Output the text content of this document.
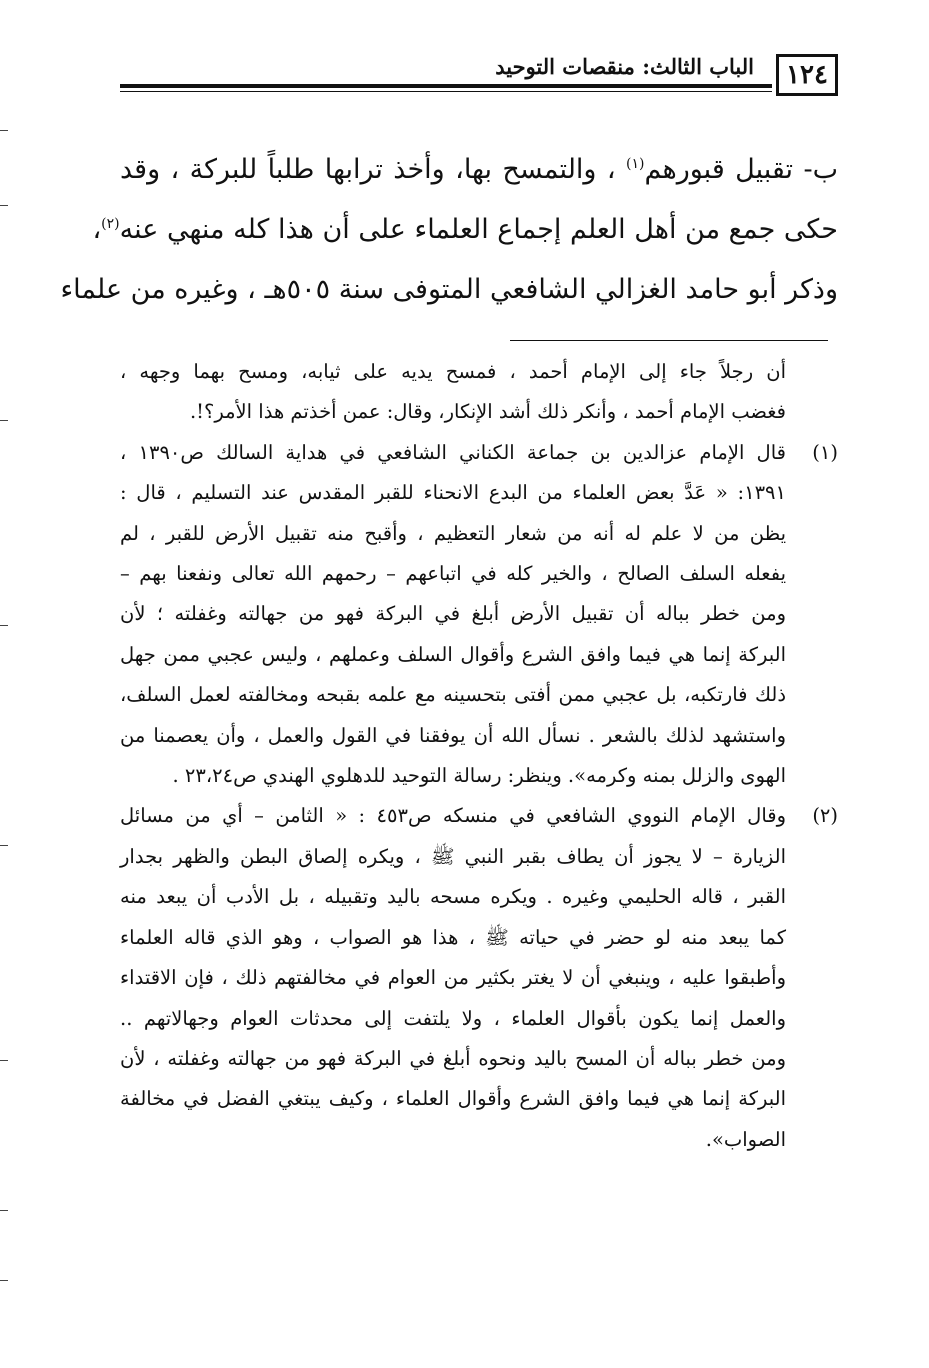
١٢٤
الباب الثالث: منقصات التوحيد
ب- تقبيل قبورهم$^{(١)}$ ، والتمسح بها، وأخذ ترابها طلباً للبركة ، وقد
حكى جمع من أهل العلم إجماع العلماء على أن هذا كله منهي عنه$^{(٢)}$،
وذكر أبو حامد الغزالي الشافعي المتوفى سنة ٥٠٥هـ ، وغيره من علماء
أن رجلاً جاء إلى الإمام أحمد ، فمسح يديه على ثيابه، ومسح بهما وجهه ،
فغضب الإمام أحمد ، وأنكر ذلك أشد الإنكار، وقال: عمن أخذتم هذا الأمر؟!.
(١)قال الإمام عزالدين بن جماعة الكناني الشافعي في هداية السالك ص١٣٩٠ ،
١٣٩١: « عَدَّ بعض العلماء من البدع الانحناء للقبر المقدس عند التسليم ، قال :
يظن من لا علم له أنه من شعار التعظيم ، وأقبح منه تقبيل الأرض للقبر ، لم
يفعله السلف الصالح ، والخير كله في اتباعهم – رحمهم الله تعالى ونفعنا بهم –
ومن خطر بباله أن تقبيل الأرض أبلغ في البركة فهو من جهالته وغفلته ؛ لأن
البركة إنما هي فيما وافق الشرع وأقوال السلف وعملهم ، وليس عجبي ممن جهل
ذلك فارتكبه، بل عجبي ممن أفتى بتحسينه مع علمه بقبحه ومخالفته لعمل السلف،
واستشهد لذلك بالشعر . نسأل الله أن يوفقنا في القول والعمل ، وأن يعصمنا من
الهوى والزلل بمنه وكرمه». وينظر: رسالة التوحيد للدهلوي الهندي ص٢٣،٢٤ .
(٢)وقال الإمام النووي الشافعي في منسكه ص٤٥٣ : « الثامن – أي من مسائل
الزيارة – لا يجوز أن يطاف بقبر النبي ﷺ ، ويكره إلصاق البطن والظهر بجدار
القبر ، قاله الحليمي وغيره . ويكره مسحه باليد وتقبيله ، بل الأدب أن يبعد منه
كما يبعد منه لو حضر في حياته ﷺ ، هذا هو الصواب ، وهو الذي قاله العلماء
وأطبقوا عليه ، وينبغي أن لا يغتر بكثير من العوام في مخالفتهم ذلك ، فإن الاقتداء
والعمل إنما يكون بأقوال العلماء ، ولا يلتفت إلى محدثات العوام وجهالاتهم ..
ومن خطر بباله أن المسح باليد ونحوه أبلغ في البركة فهو من جهالته وغفلته ، لأن
البركة إنما هي فيما وافق الشرع وأقوال العلماء ، وكيف يبتغي الفضل في مخالفة
الصواب».
